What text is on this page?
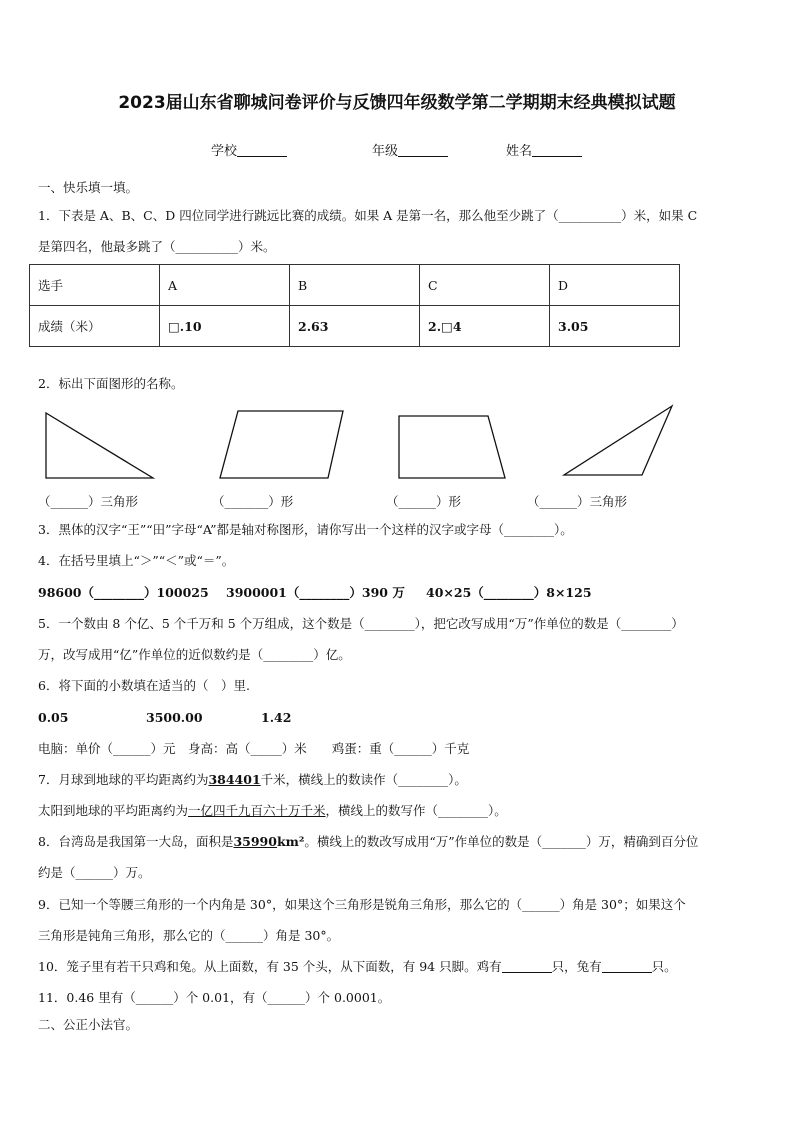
2023届山东省聊城问卷评价与反馈四年级数学第二学期期末经典模拟试题
学校	年级	姓名
一、快乐填一填。
1．下表是 A、B、C、D 四位同学进行跳远比赛的成绩。如果 A 是第一名，那么他至少跳了（__________）米，如果 C
是第四名，他最多跳了（__________）米。
选手	A	B	C	D
成绩（米）	□.10	2.63	2.□4	3.05
2．标出下面图形的名称。
（______）三角形	（_______）形	（______）形	（______）三角形
3．黑体的汉字“王”“田”字母“A”都是轴对称图形，请你写出一个这样的汉字或字母（________）。
4．在括号里填上“＞”“＜”或“＝”。
98600（________）100025 3900001（________）390 万 40×25（________）8×125
5．一个数由 8 个亿、5 个千万和 5 个万组成，这个数是（________），把它改写成用“万”作单位的数是（________）
万，改写成用“亿”作单位的近似数约是（________）亿。
6．将下面的小数填在适当的（　）里.
0.05	3500.00	1.42
电脑：单价（______）元　身高：高（_____）米　　鸡蛋：重（______）千克
7．月球到地球的平均距离约为384401千米，横线上的数读作（________）。
太阳到地球的平均距离约为一亿四千九百六十万千米，横线上的数写作（________）。
8．台湾岛是我国第一大岛，面积是35990km²。横线上的数改写成用“万”作单位的数是（_______）万，精确到百分位
约是（______）万。
9．已知一个等腰三角形的一个内角是 30°，如果这个三角形是锐角三角形，那么它的（______）角是 30°；如果这个
三角形是钝角三角形，那么它的（______）角是 30°。
10．笼子里有若干只鸡和兔。从上面数，有 35 个头，从下面数，有 94 只脚。鸡有	只，兔有	只。
11．0.46 里有（______）个 0.01，有（______）个 0.0001。
二、公正小法官。
